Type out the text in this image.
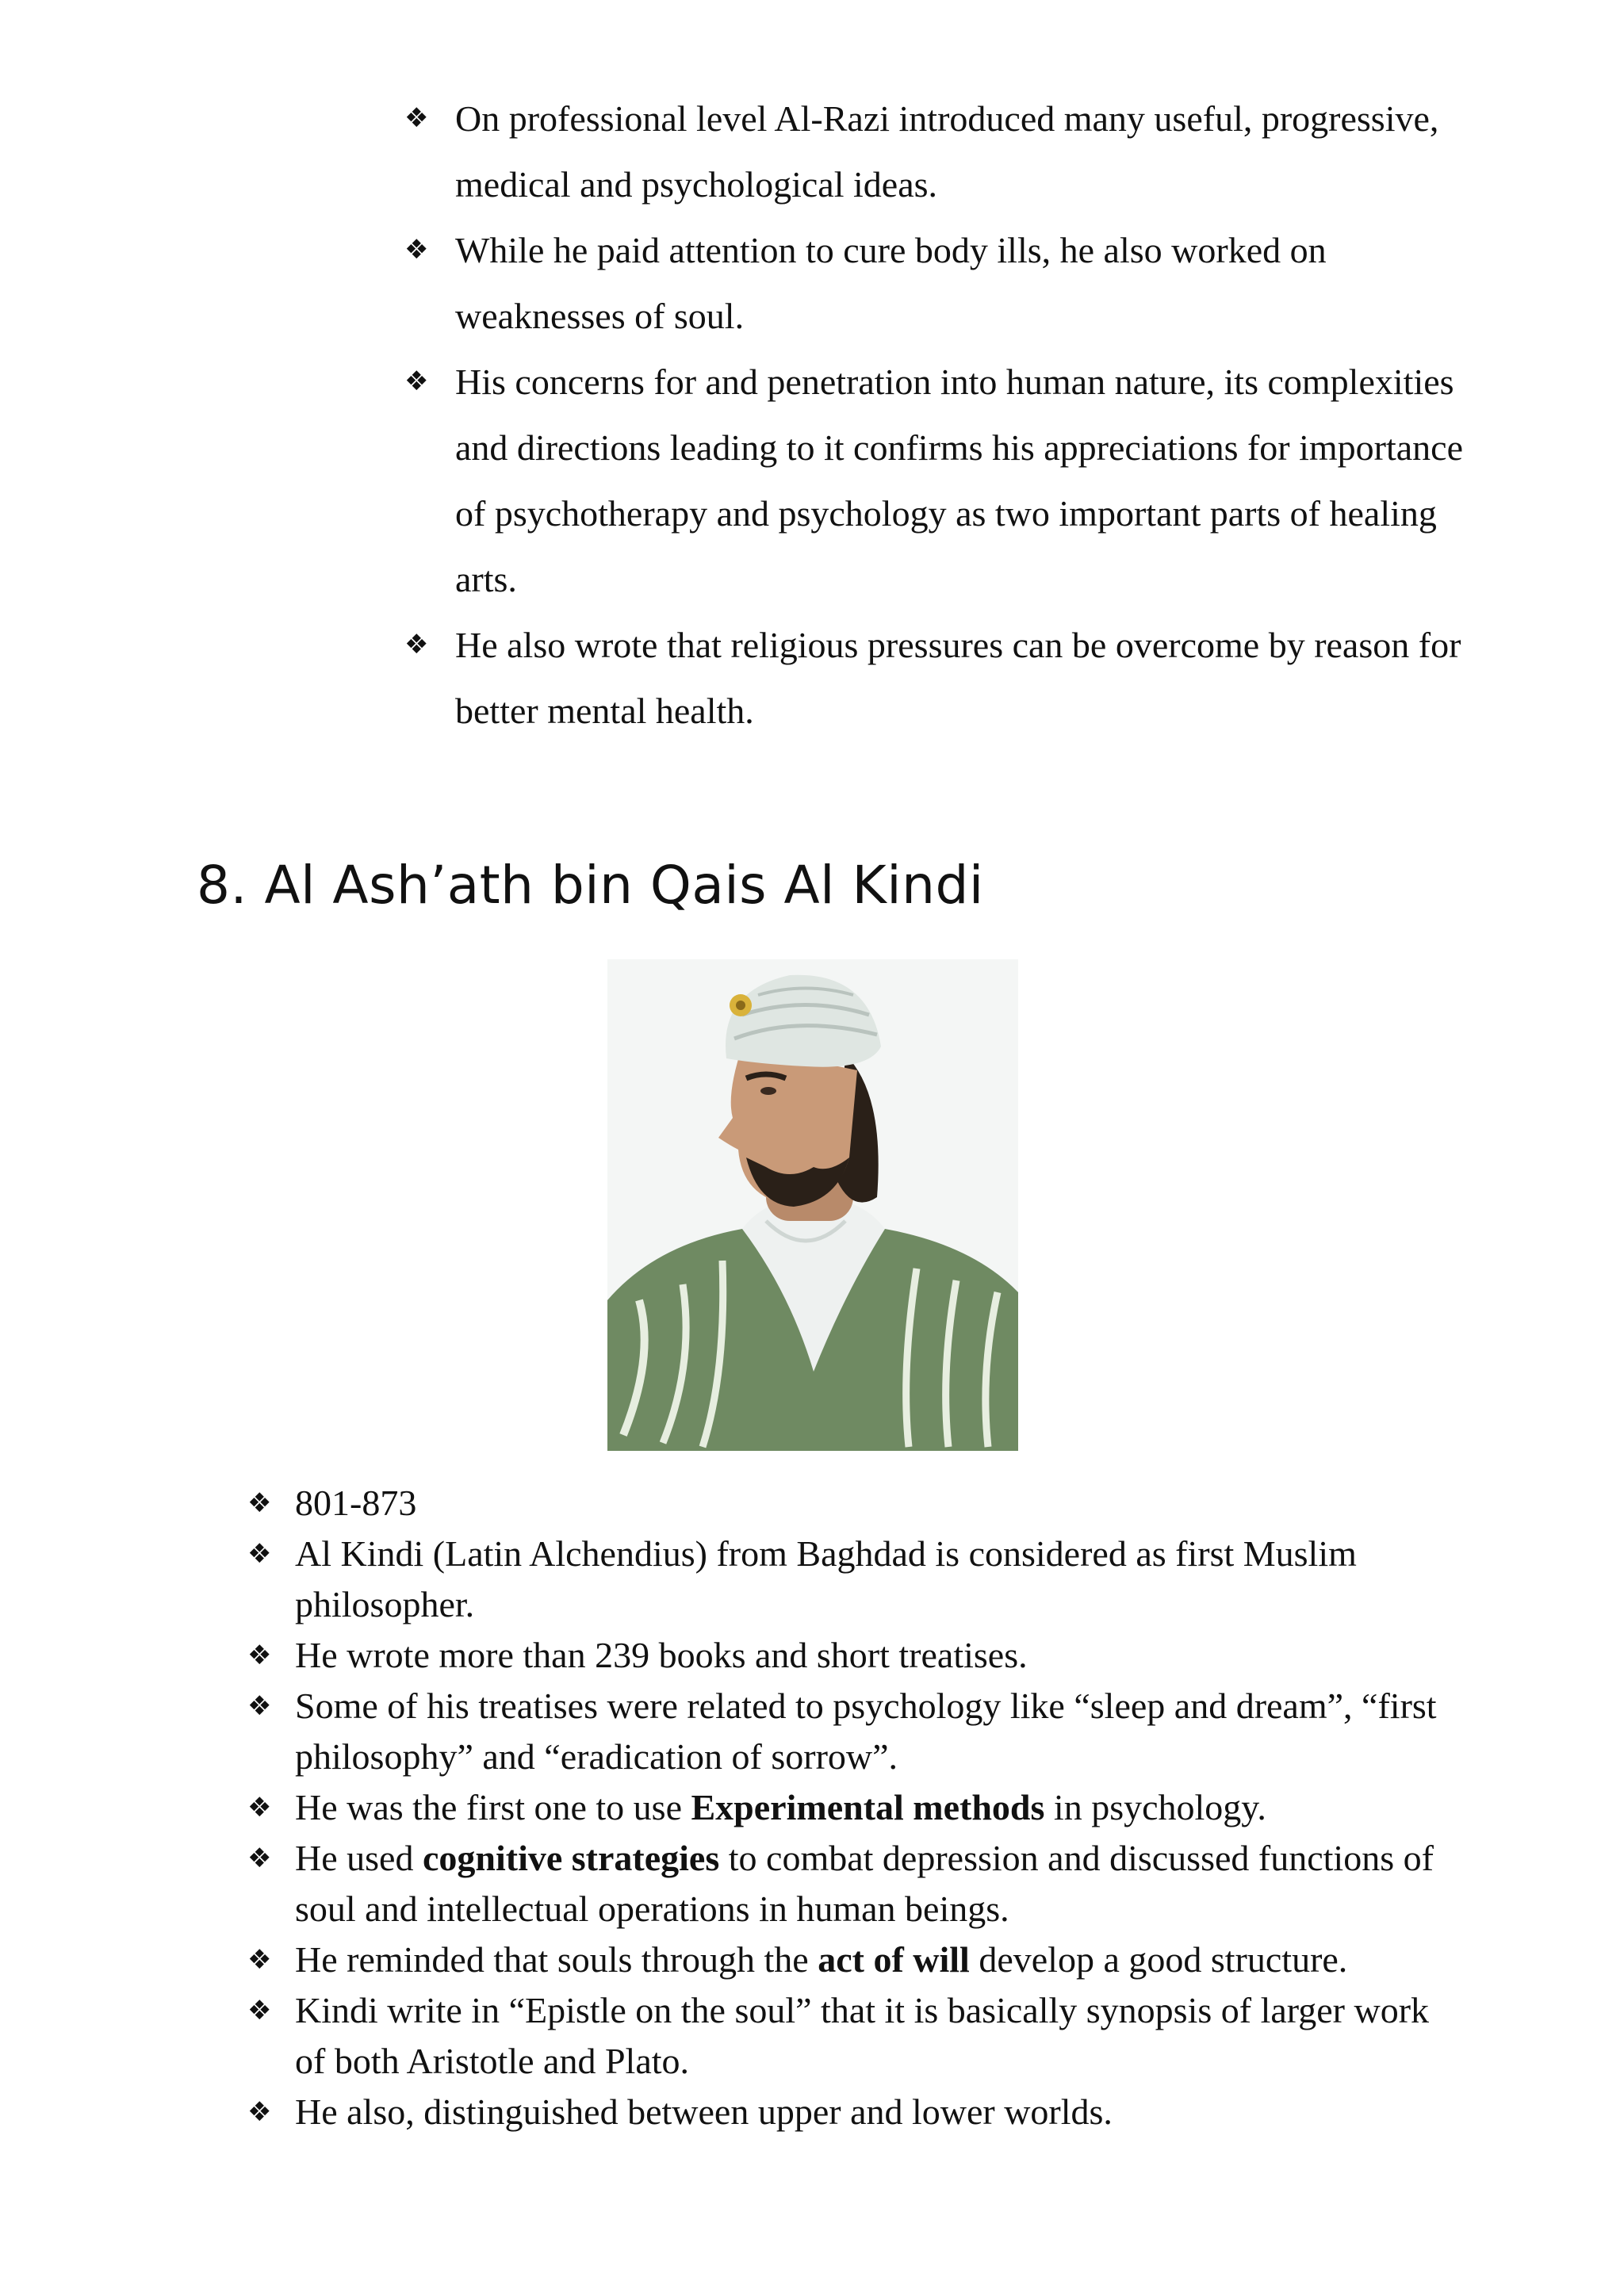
❖ On professional level Al-Razi introduced many useful, progressive, medical and psychological ideas.
❖ While he paid attention to cure body ills, he also worked on weaknesses of soul.
❖ His concerns for and penetration into human nature, its complexities and directions leading to it confirms his appreciations for importance of psychotherapy and psychology as two important parts of healing arts.
❖ He also wrote that religious pressures can be overcome by reason for better mental health.
8. Al Ash’ath bin Qais Al Kindi
❖ 801-873
❖ Al Kindi (Latin Alchendius) from Baghdad is considered as first Muslim philosopher.
❖ He wrote more than 239 books and short treatises.
❖ Some of his treatises were related to psychology like “sleep and dream”, “first philosophy” and “eradication of sorrow”.
❖ He was the first one to use Experimental methods in psychology.
❖ He used cognitive strategies to combat depression and discussed functions of soul and intellectual operations in human beings.
❖ He reminded that souls through the act of will develop a good structure.
❖ Kindi write in “Epistle on the soul” that it is basically synopsis of larger work of both Aristotle and Plato.
❖ He also, distinguished between upper and lower worlds.
